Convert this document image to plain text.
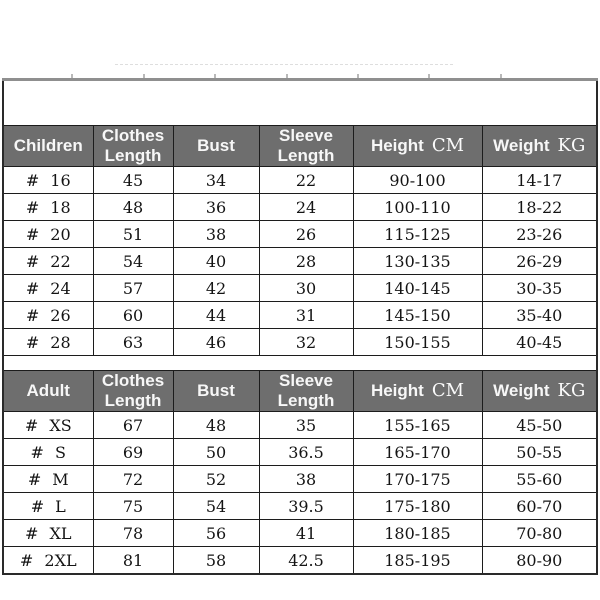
Children	Clothes Length	Bust	Sleeve Length	Height CM	Weight KG
# 16	45	34	22	90-100	14-17
# 18	48	36	24	100-110	18-22
# 20	51	38	26	115-125	23-26
# 22	54	40	28	130-135	26-29
# 24	57	42	30	140-145	30-35
# 26	60	44	31	145-150	35-40
# 28	63	46	32	150-155	40-45

Adult	Clothes Length	Bust	Sleeve Length	Height CM	Weight KG
# XS	67	48	35	155-165	45-50
# S	69	50	36.5	165-170	50-55
# M	72	52	38	170-175	55-60
# L	75	54	39.5	175-180	60-70
# XL	78	56	41	180-185	70-80
# 2XL	81	58	42.5	185-195	80-90
